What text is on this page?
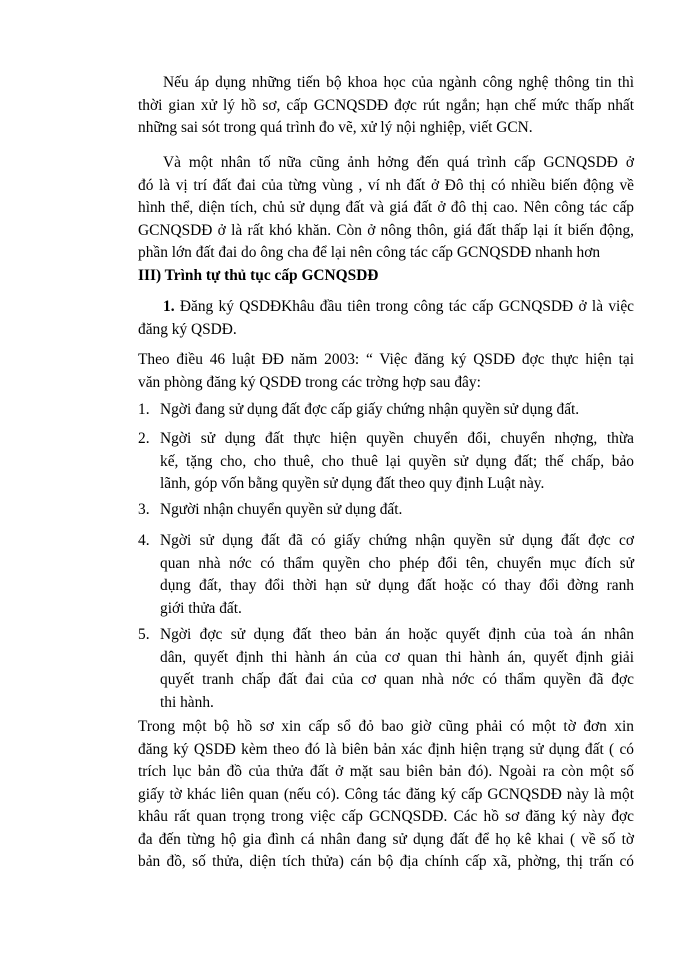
Nếu áp dụng những tiến bộ khoa học của ngành công nghệ thông tin thì
thời gian xử lý hồ sơ, cấp GCNQSDĐ đợc rút ngắn; hạn chế mức thấp nhất
những sai sót trong quá trình đo vẽ, xử lý nội nghiệp, viết GCN.
Và một nhân tố nữa cũng ảnh hởng đến quá trình cấp GCNQSDĐ ở
đó là vị trí đất đai của từng vùng , ví nh đất ở Đô thị có nhiều biến động về
hình thể, diện tích, chủ sử dụng đất và giá đất ở đô thị cao. Nên công tác cấp
GCNQSDĐ ở là rất khó khăn. Còn ở nông thôn, giá đất thấp lại ít biến động,
phần lớn đất đai do ông cha để lại nên công tác cấp GCNQSDĐ nhanh hơn
III) Trình tự thủ tục cấp GCNQSDĐ
1. Đăng ký QSDĐKhâu đầu tiên trong công tác cấp GCNQSDĐ ở là việc
đăng ký QSDĐ.
Theo điều 46 luật ĐĐ năm 2003: “ Việc đăng ký QSDĐ đợc thực hiện tại
văn phòng đăng ký QSDĐ trong các trờng hợp sau đây:
1. Ngời đang sử dụng đất đợc cấp giấy chứng nhận quyền sử dụng đất.
2. Ngời sử dụng đất thực hiện quyền chuyển đổi, chuyển nhợng, thừa
kế, tặng cho, cho thuê, cho thuê lại quyền sử dụng đất; thế chấp, bảo
lãnh, góp vốn bằng quyền sử dụng đất theo quy định Luật này.
3. Người nhận chuyển quyền sử dụng đất.
4. Ngời sử dụng đất đã có giấy chứng nhận quyền sử dụng đất đợc cơ
quan nhà nớc có thẩm quyền cho phép đổi tên, chuyển mục đích sử
dụng đất, thay đổi thời hạn sử dụng đất hoặc có thay đổi đờng ranh
giới thửa đất.
5. Ngời đợc sử dụng đất theo bản án hoặc quyết định của toà án nhân
dân, quyết định thi hành án của cơ quan thi hành án, quyết định giải
quyết tranh chấp đất đai của cơ quan nhà nớc có thẩm quyền đã đợc
thi hành.
Trong một bộ hồ sơ xin cấp sổ đỏ bao giờ cũng phải có một tờ đơn xin
đăng ký QSDĐ kèm theo đó là biên bản xác định hiện trạng sử dụng đất ( có
trích lục bản đồ của thửa đất ở mặt sau biên bản đó). Ngoài ra còn một số
giấy tờ khác liên quan (nếu có). Công tác đăng ký cấp GCNQSDĐ này là một
khâu rất quan trọng trong việc cấp GCNQSDĐ. Các hồ sơ đăng ký này đợc
đa đến từng hộ gia đình cá nhân đang sử dụng đất để họ kê khai ( về số tờ
bản đồ, số thửa, diện tích thửa) cán bộ địa chính cấp xã, phờng, thị trấn có
